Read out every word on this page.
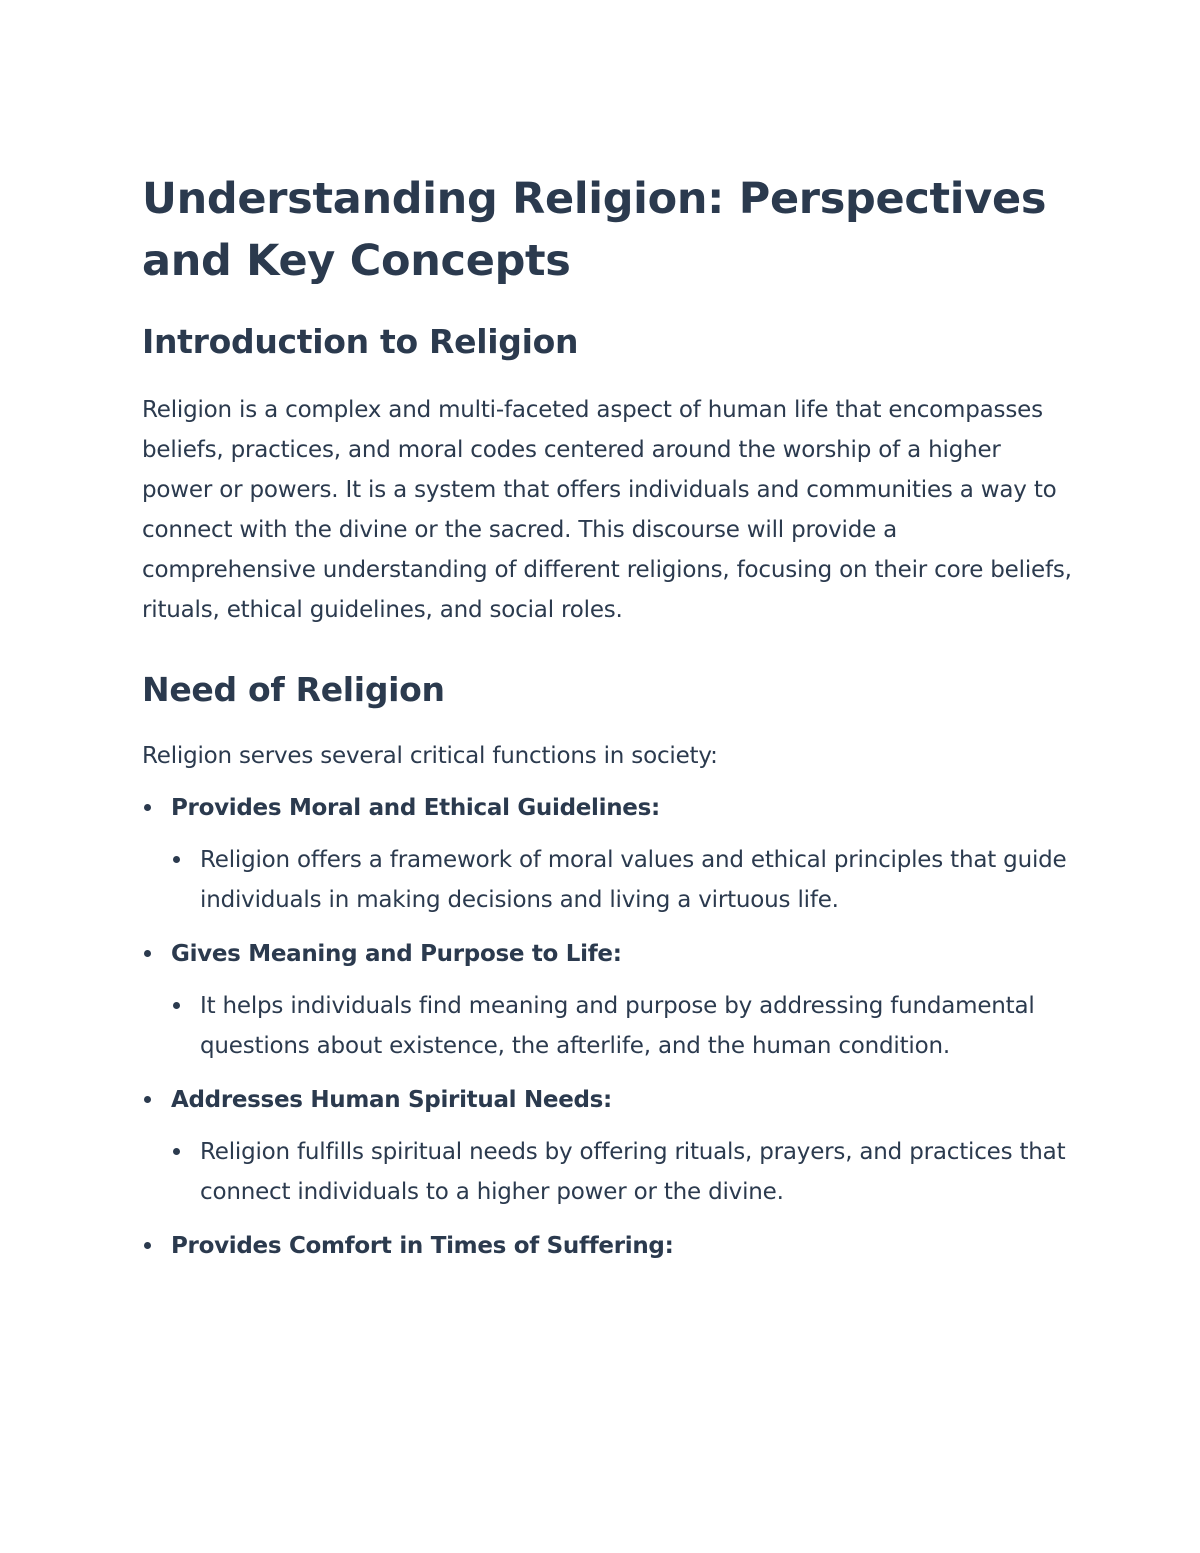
Understanding Religion: Perspectives and Key Concepts
Introduction to Religion

Religion is a complex and multi-faceted aspect of human life that encompasses beliefs, practices, and moral codes centered around the worship of a higher power or powers. It is a system that offers individuals and communities a way to connect with the divine or the sacred. This discourse will provide a comprehensive understanding of different religions, focusing on their core beliefs, rituals, ethical guidelines, and social roles.

Need of Religion

Religion serves several critical functions in society:

Provides Moral and Ethical Guidelines:
Religion offers a framework of moral values and ethical principles that guide individuals in making decisions and living a virtuous life.
Gives Meaning and Purpose to Life:
It helps individuals find meaning and purpose by addressing fundamental questions about existence, the afterlife, and the human condition.
Addresses Human Spiritual Needs:
Religion fulfills spiritual needs by offering rituals, prayers, and practices that connect individuals to a higher power or the divine.
Provides Comfort in Times of Suffering:
